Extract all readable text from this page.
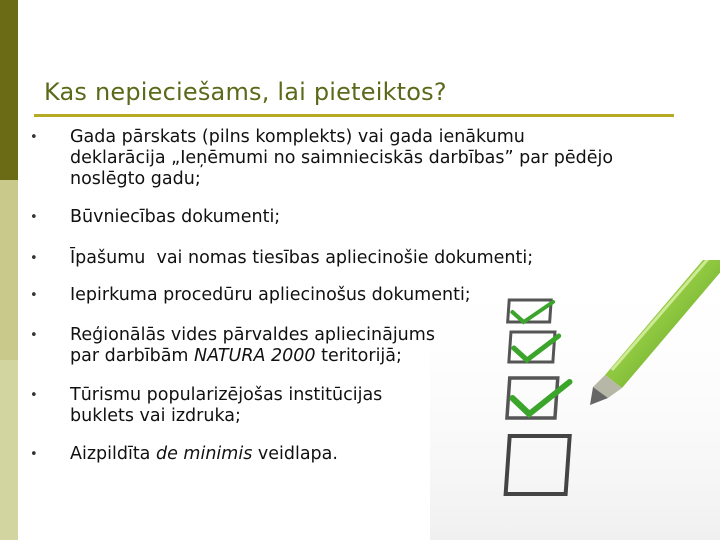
Kas nepieciešams, lai pieteiktos?
• Gada pārskats (pilns komplekts) vai gada ienākumu
deklarācija „Ieņēmumi no saimnieciskās darbības” par pēdējo
noslēgto gadu;
• Būvniecības dokumenti;
• Īpašumu  vai nomas tiesības apliecinošie dokumenti;
• Iepirkuma procedūru apliecinošus dokumenti;
• Reģionālās vides pārvaldes apliecinājums
par darbībām NATURA 2000 teritorijā;
• Tūrismu popularizējošas institūcijas
buklets vai izdruka;
• Aizpildīta de minimis veidlapa.
